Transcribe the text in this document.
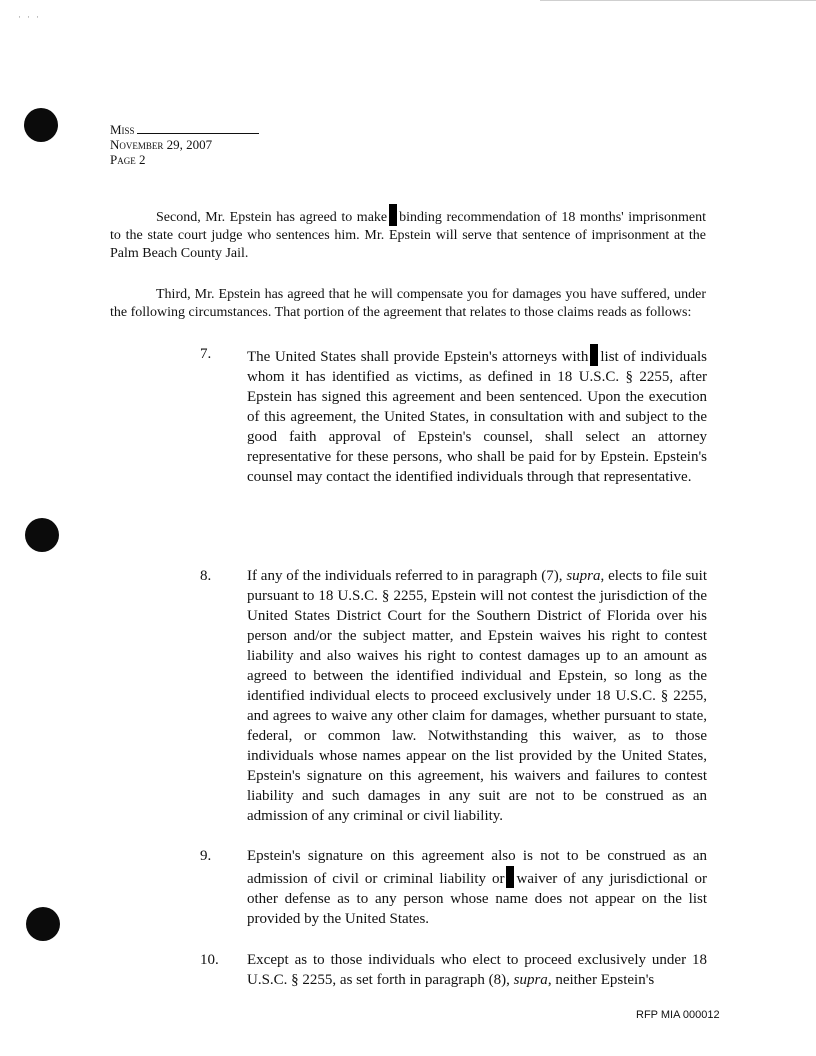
···
Miss
November 29, 2007
Page 2
Second, Mr. Epstein has agreed to make binding recommendation of 18 months' imprisonment to the state court judge who sentences him. Mr. Epstein will serve that sentence of imprisonment at the Palm Beach County Jail.
Third, Mr. Epstein has agreed that he will compensate you for damages you have suffered, under the following circumstances. That portion of the agreement that relates to those claims reads as follows:
7. The United States shall provide Epstein's attorneys with list of individuals whom it has identified as victims, as defined in 18 U.S.C. § 2255, after Epstein has signed this agreement and been sentenced. Upon the execution of this agreement, the United States, in consultation with and subject to the good faith approval of Epstein's counsel, shall select an attorney representative for these persons, who shall be paid for by Epstein. Epstein's counsel may contact the identified individuals through that representative.
8. If any of the individuals referred to in paragraph (7), supra, elects to file suit pursuant to 18 U.S.C. § 2255, Epstein will not contest the jurisdiction of the United States District Court for the Southern District of Florida over his person and/or the subject matter, and Epstein waives his right to contest liability and also waives his right to contest damages up to an amount as agreed to between the identified individual and Epstein, so long as the identified individual elects to proceed exclusively under 18 U.S.C. § 2255, and agrees to waive any other claim for damages, whether pursuant to state, federal, or common law. Notwithstanding this waiver, as to those individuals whose names appear on the list provided by the United States, Epstein's signature on this agreement, his waivers and failures to contest liability and such damages in any suit are not to be construed as an admission of any criminal or civil liability.
9. Epstein's signature on this agreement also is not to be construed as an admission of civil or criminal liability or waiver of any jurisdictional or other defense as to any person whose name does not appear on the list provided by the United States.
10. Except as to those individuals who elect to proceed exclusively under 18 U.S.C. § 2255, as set forth in paragraph (8), supra, neither Epstein's
RFP MIA 000012
